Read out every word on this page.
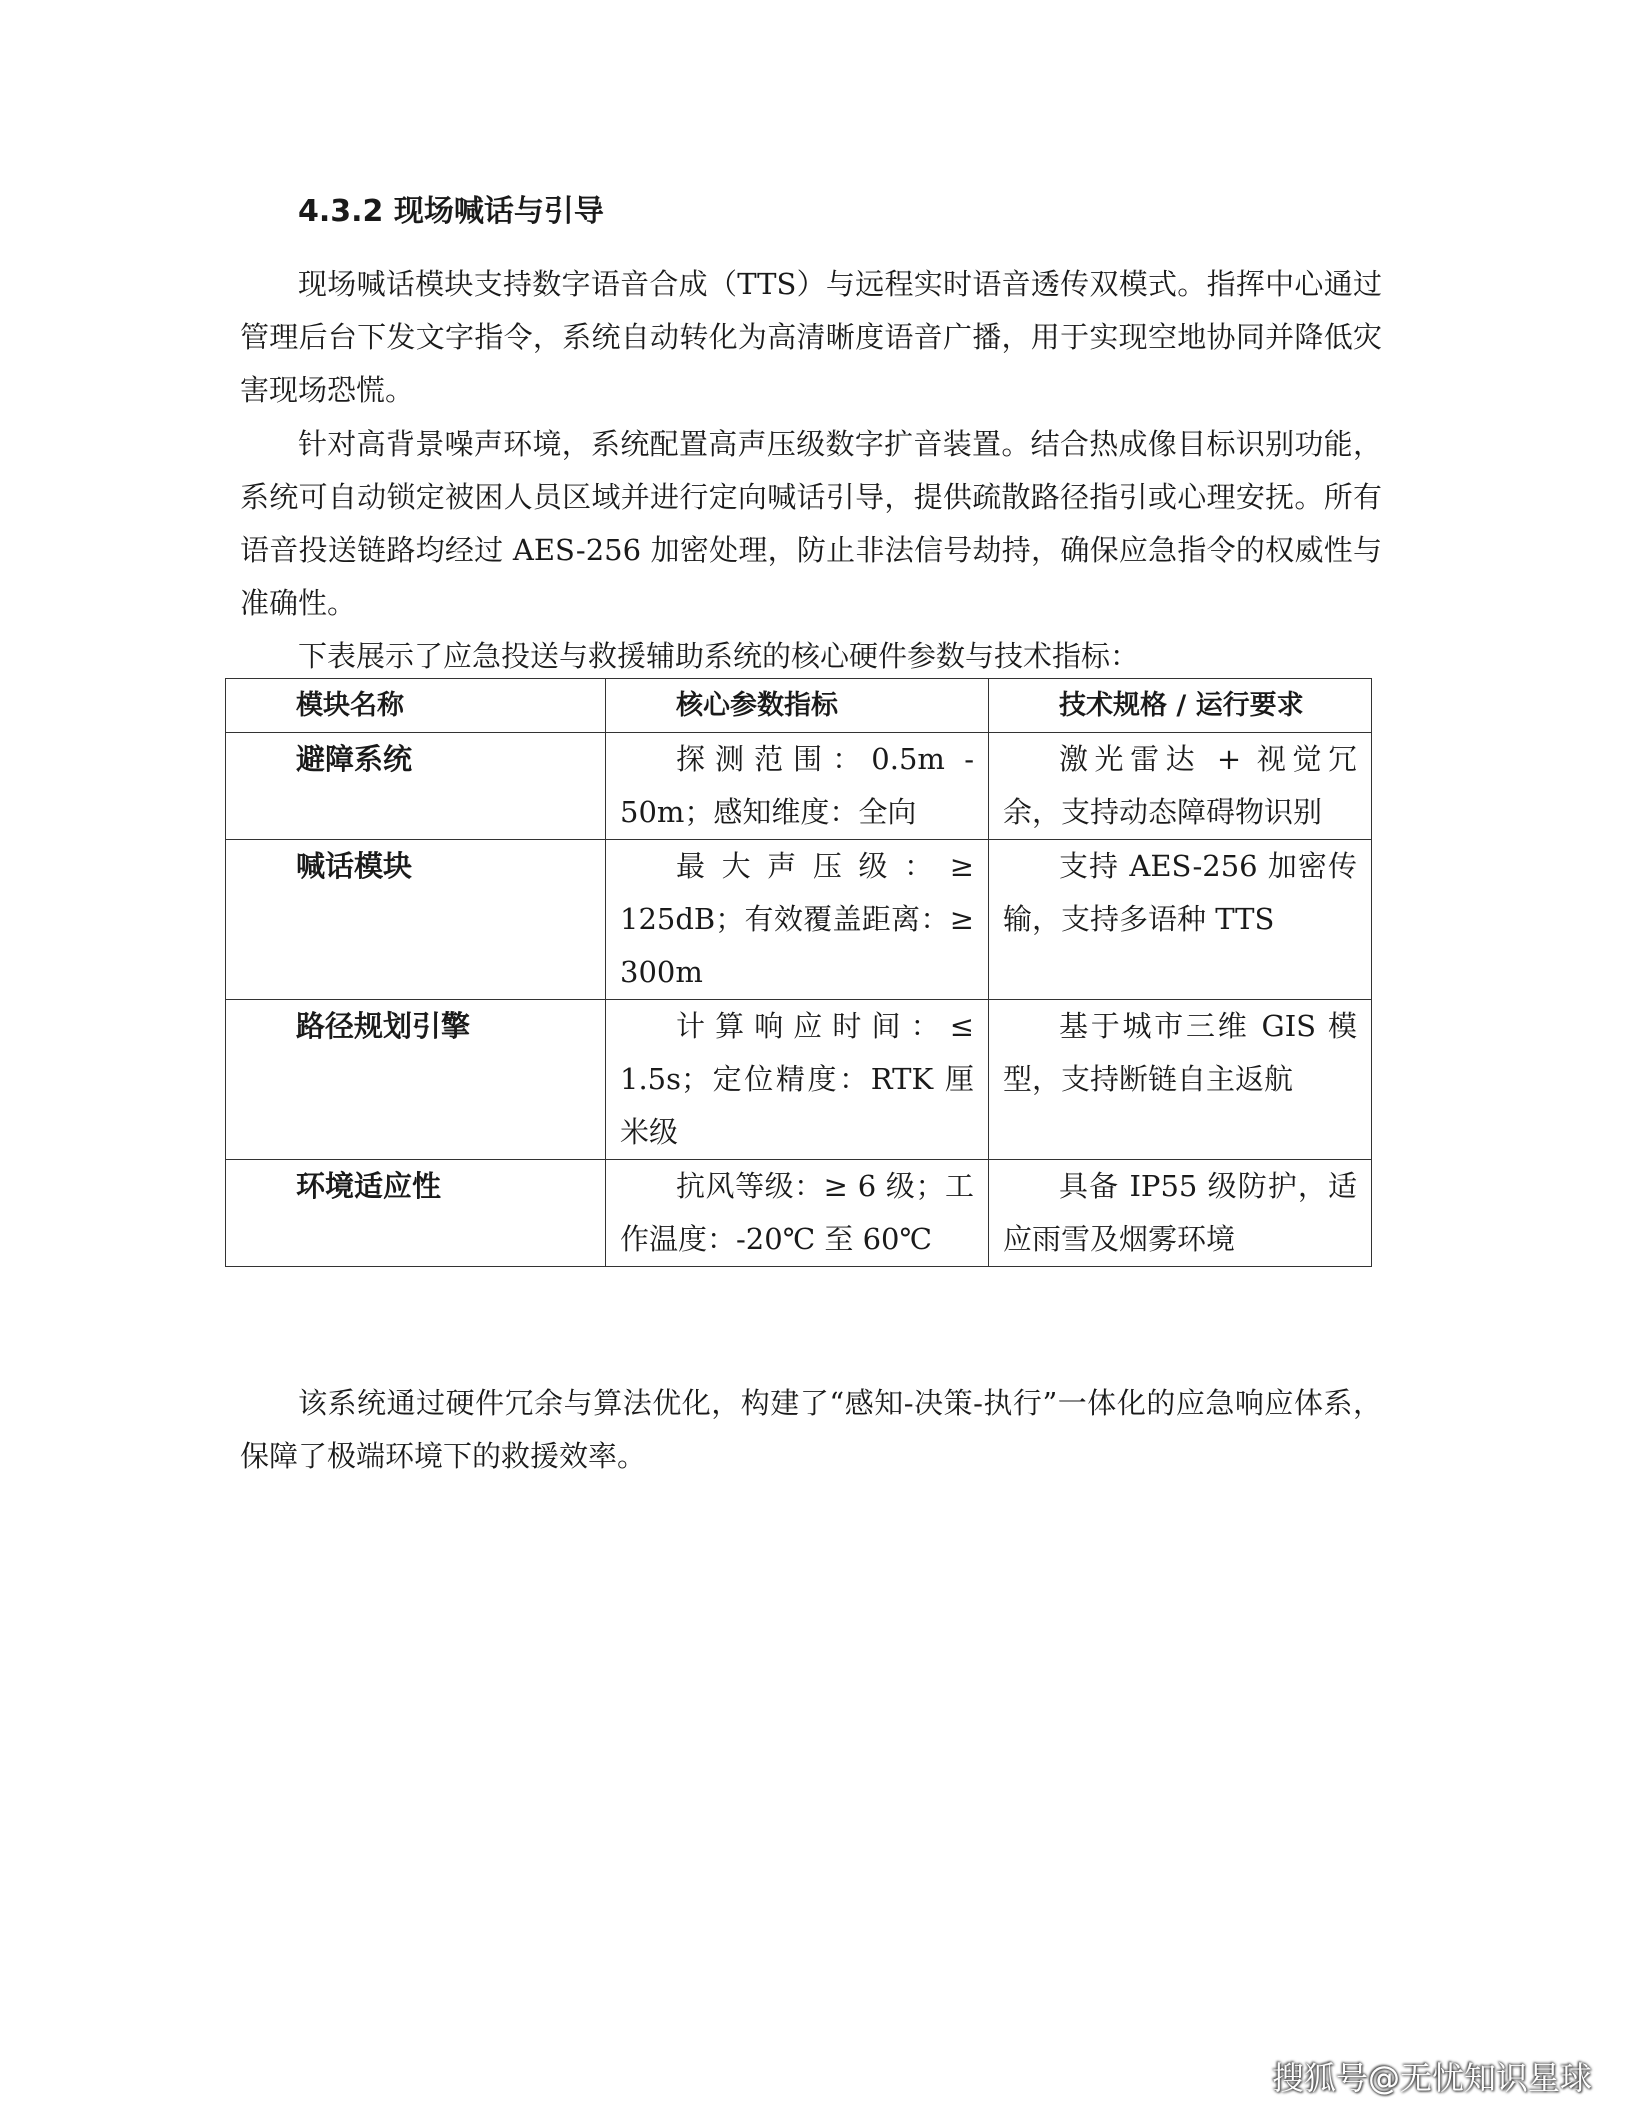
4.3.2 现场喊话与引导

现场喊话模块支持数字语音合成（TTS）与远程实时语音透传双模式。指挥中心通过管理后台下发文字指令，系统自动转化为高清晰度语音广播，用于实现空地协同并降低灾害现场恐慌。

针对高背景噪声环境，系统配置高声压级数字扩音装置。结合热成像目标识别功能，系统可自动锁定被困人员区域并进行定向喊话引导，提供疏散路径指引或心理安抚。所有语音投送链路均经过 AES-256 加密处理，防止非法信号劫持，确保应急指令的权威性与准确性。

下表展示了应急投送与救援辅助系统的核心硬件参数与技术指标：

模块名称	核心参数指标	技术规格 / 运行要求
避障系统	探测范围：0.5m - 50m；感知维度：全向	激光雷达 + 视觉冗余，支持动态障碍物识别
喊话模块	最大声压级：≥ 125dB；有效覆盖距离：≥ 300m	支持 AES-256 加密传输，支持多语种 TTS
路径规划引擎	计算响应时间：≤ 1.5s；定位精度：RTK 厘米级	基于城市三维 GIS 模型，支持断链自主返航
环境适应性	抗风等级：≥ 6 级；工作温度：-20℃ 至 60℃	具备 IP55 级防护，适应雨雪及烟雾环境

该系统通过硬件冗余与算法优化，构建了“感知-决策-执行”一体化的应急响应体系，保障了极端环境下的救援效率。

搜狐号@无忧知识星球
